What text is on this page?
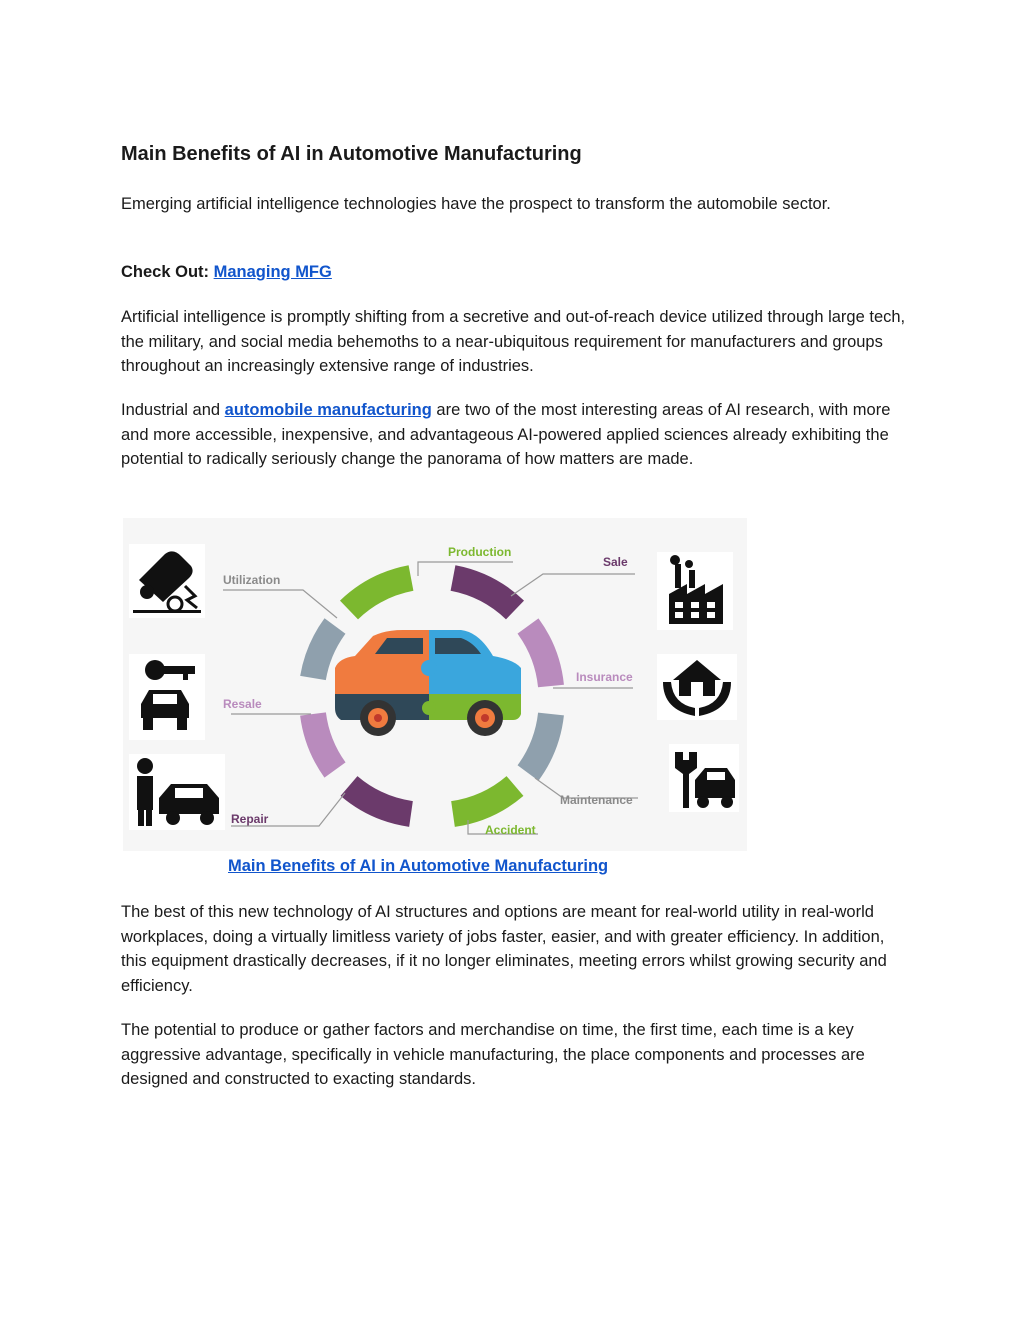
Main Benefits of AI in Automotive Manufacturing

Emerging artificial intelligence technologies have the prospect to transform the automobile sector.

Check Out: Managing MFG

Artificial intelligence is promptly shifting from a secretive and out-of-reach device utilized through large tech, the military, and social media behemoths to a near-ubiquitous requirement for manufacturers and groups throughout an increasingly extensive range of industries.

Industrial and automobile manufacturing are two of the most interesting areas of AI research, with more and more accessible, inexpensive, and advantageous AI-powered applied sciences already exhibiting the potential to radically seriously change the panorama of how matters are made.

The best of this new technology of AI structures and options are meant for real-world utility in real-world workplaces, doing a virtually limitless variety of jobs faster, easier, and with greater efficiency. In addition, this equipment drastically decreases, if it no longer eliminates, meeting errors whilst growing security and efficiency.

The potential to produce or gather factors and merchandise on time, the first time, each time is a key aggressive advantage, specifically in vehicle manufacturing, the place components and processes are designed and constructed to exacting standards.

Production
Sale
Insurance
Maintenance
Accident
Repair
Resale
Utilization
Main Benefits of AI in Automotive Manufacturing
